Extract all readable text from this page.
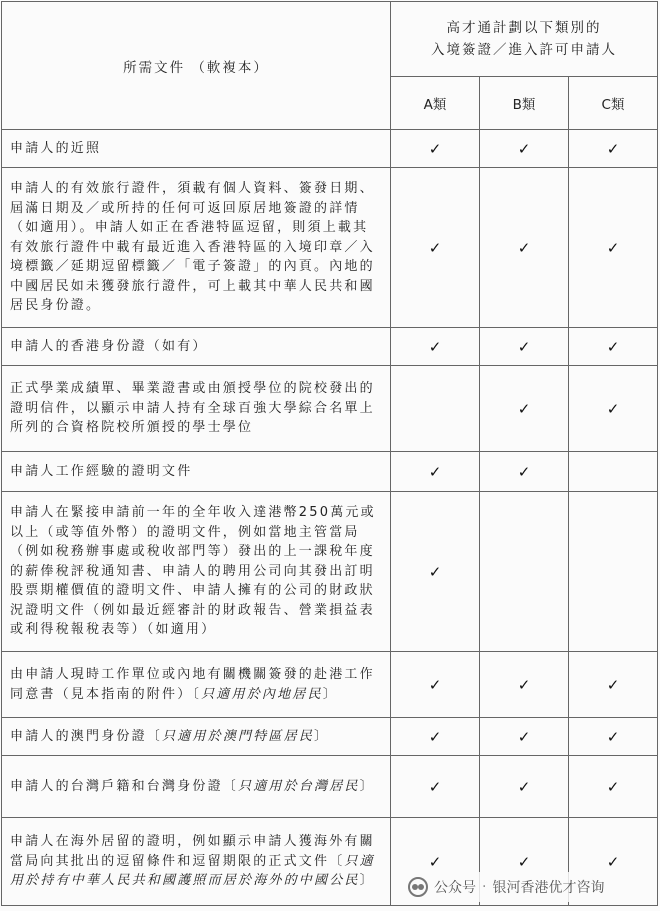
所需文件 （軟複本）	高才通計劃以下類別的
入境簽證／進入許可申請人		
	A類	B類	C類
申請人的近照	✓	✓	✓
申請人的有效旅行證件，須載有個人資料、簽發日期、屆滿日期及／或所持的任何可返回原居地簽證的詳情（如適用）。申請人如正在香港特區逗留，則須上載其有效旅行證件中載有最近進入香港特區的入境印章／入境標籤／延期逗留標籤／「電子簽證」的內頁。內地的中國居民如未獲發旅行證件，可上載其中華人民共和國居民身份證。	✓	✓	✓
申請人的香港身份證（如有）	✓	✓	✓
正式學業成績單、畢業證書或由頒授學位的院校發出的證明信件，以顯示申請人持有全球百強大學綜合名單上所列的合資格院校所頒授的學士學位		✓	✓
申請人工作經驗的證明文件	✓	✓	
申請人在緊接申請前一年的全年收入達港幣250萬元或以上（或等值外幣）的證明文件，例如當地主管當局（例如稅務辦事處或稅收部門等）發出的上一課稅年度的薪俸稅評稅通知書、申請人的聘用公司向其發出訂明股票期權價值的證明文件、申請人擁有的公司的財政狀況證明文件（例如最近經審計的財政報告、營業損益表或利得稅報稅表等）（如適用）	✓		
由申請人現時工作單位或內地有關機關簽發的赴港工作同意書（見本指南的附件）〔只適用於內地居民〕	✓	✓	✓
申請人的澳門身份證〔只適用於澳門特區居民〕	✓	✓	✓
申請人的台灣戶籍和台灣身份證〔只適用於台灣居民〕	✓	✓	✓
申請人在海外居留的證明，例如顯示申請人獲海外有關當局向其批出的逗留條件和逗留期限的正式文件〔只適用於持有中華人民共和國護照而居於海外的中國公民〕	✓	✓	✓
公众号 · 银河香港优才咨询
